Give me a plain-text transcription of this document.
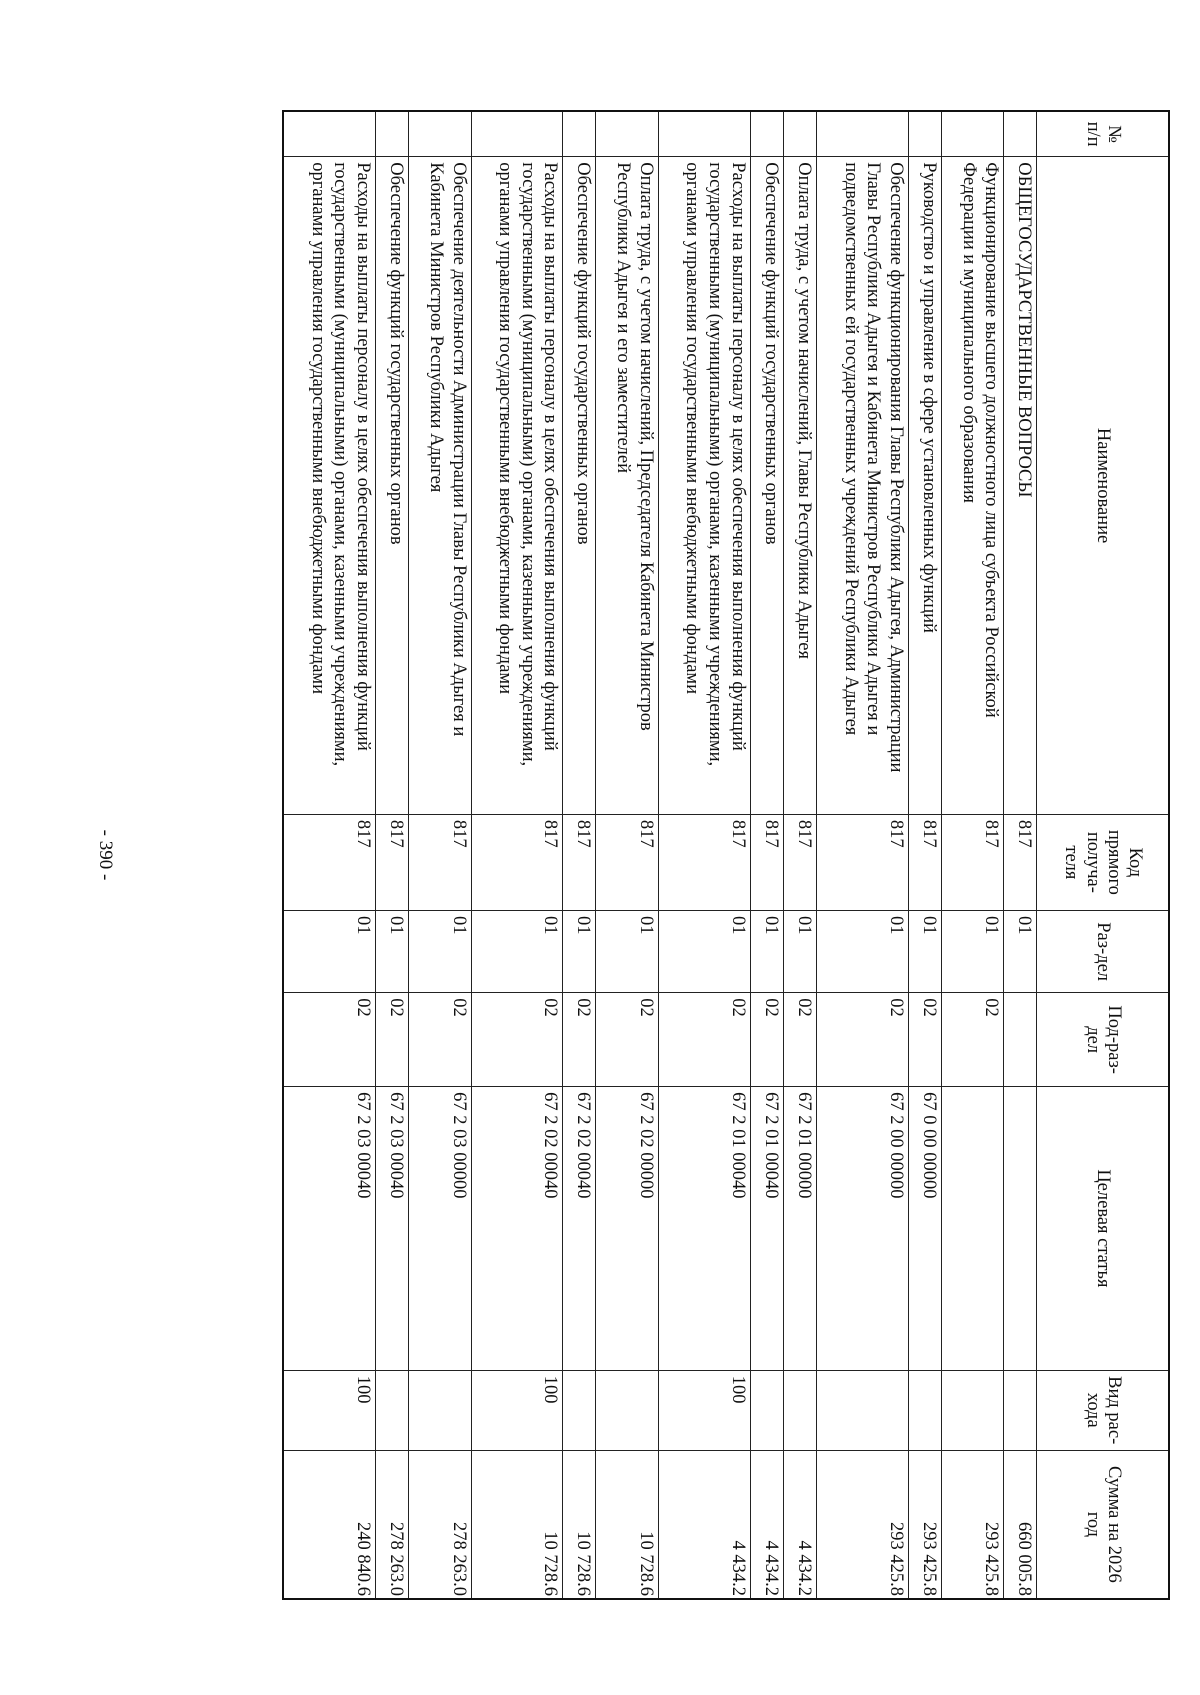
- 390 -
№ п/п	Наименование	Код прямого получа-теля	Раз-дел	Под-раз-дел	Целевая статья	Вид рас-хода	Сумма на 2026 год
	ОБЩЕГОСУДАРСТВЕННЫЕ ВОПРОСЫ	817	01				660 005.8
	Функционирование высшего должностного лица субъекта Российской Федерации и муниципального образования	817	01	02			293 425.8
	Руководство и управление в сфере установленных функций	817	01	02	67 0 00 00000		293 425.8
	Обеспечение функционирования Главы Республики Адыгея, Администрации Главы Республики Адыгея и Кабинета Министров Республики Адыгея и подведомственных ей государственных учреждений Республики Адыгея	817	01	02	67 2 00 00000		293 425.8
	Оплата труда, с учетом начислений, Главы Республики Адыгея	817	01	02	67 2 01 00000		4 434.2
	Обеспечение функций государственных органов	817	01	02	67 2 01 00040		4 434.2
	Расходы на выплаты персоналу в целях обеспечения выполнения функций государственными (муниципальными) органами, казенными учреждениями, органами управления государственными внебюджетными фондами	817	01	02	67 2 01 00040	100	4 434.2
	Оплата труда, с учетом начислений, Председателя Кабинета Министров Республики Адыгея и его заместителей	817	01	02	67 2 02 00000		10 728.6
	Обеспечение функций государственных органов	817	01	02	67 2 02 00040		10 728.6
	Расходы на выплаты персоналу в целях обеспечения выполнения функций государственными (муниципальными) органами, казенными учреждениями, органами управления государственными внебюджетными фондами	817	01	02	67 2 02 00040	100	10 728.6
	Обеспечение деятельности Администрации Главы Республики Адыгея и Кабинета Министров Республики Адыгея	817	01	02	67 2 03 00000		278 263.0
	Обеспечение функций государственных органов	817	01	02	67 2 03 00040		278 263.0
	Расходы на выплаты персоналу в целях обеспечения выполнения функций государственными (муниципальными) органами, казенными учреждениями, органами управления государственными внебюджетными фондами	817	01	02	67 2 03 00040	100	240 840.6
